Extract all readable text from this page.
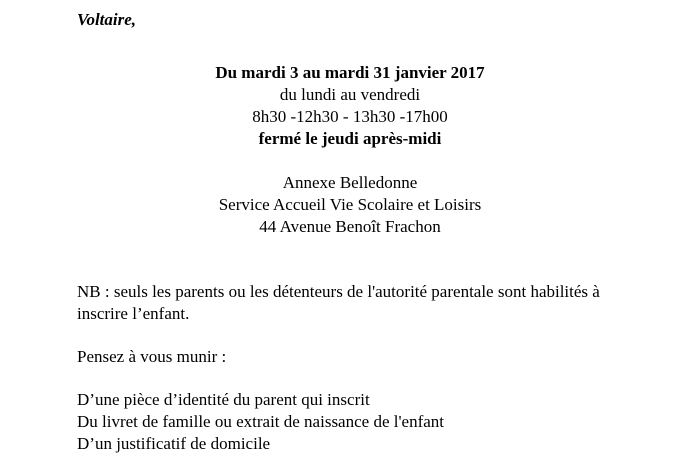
Voltaire,

Du mardi 3 au mardi 31 janvier 2017

du lundi au vendredi

8h30 -12h30 - 13h30 -17h00

fermé le jeudi après-midi

Annexe Belledonne

Service Accueil Vie Scolaire et Loisirs

44 Avenue Benoît Frachon

NB : seuls les parents ou les détenteurs de l'autorité parentale sont habilités à

inscrire l’enfant.

Pensez à vous munir :

D’une pièce d’identité du parent qui inscrit

Du livret de famille ou extrait de naissance de l'enfant

D’un justificatif de domicile
